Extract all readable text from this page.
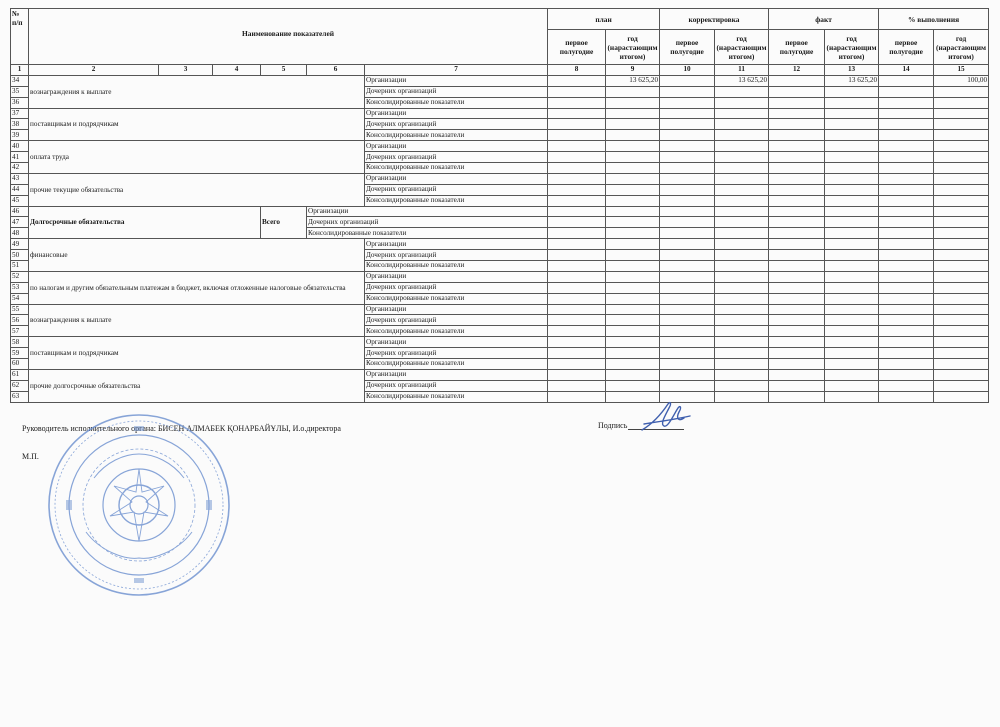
№ п/п	Наименование показателей						план		корректировка		факт		% выполнения	
							первое полугодие	год (нарастающим итогом)	первое полугодие	год (нарастающим итогом)	первое полугодие	год (нарастающим итогом)	первое полугодие	год (нарастающим итогом)
1	2	3	4	5	6	7	8	9	10	11	12	13	14	15
34	вознаграждения к выплате					Организации		13 625,20		13 625,20		13 625,20		100,00
35						Дочерних организаций								
36						Консолидированные показатели								
37	поставщикам и подрядчикам					Организации								
38						Дочерних организаций								
39						Консолидированные показатели								
40	оплата труда					Организации								
41						Дочерних организаций								
42						Консолидированные показатели								
43	прочие текущие обязательства					Организации								
44						Дочерних организаций								
45						Консолидированные показатели								
46	Долгосрочные обязательства			Всего	Организации									
47					Дочерних организаций									
48					Консолидированные показатели									
49	финансовые					Организации								
50						Дочерних организаций								
51						Консолидированные показатели								
52	по налогам и другим обязательным платежам в бюджет, включая отложенные налоговые обязательства					Организации								
53						Дочерних организаций								
54						Консолидированные показатели								
55	вознаграждения к выплате					Организации								
56						Дочерних организаций								
57						Консолидированные показатели								
58	поставщикам и подрядчикам					Организации								
59						Дочерних организаций								
60						Консолидированные показатели								
61	прочие долгосрочные обязательства					Организации								
62						Дочерних организаций								
63						Консолидированные показатели								
Руководитель исполнительного органа: БИСЕН АЛМАБЕК ҚОНАРБАЙҰЛЫ, И.о.директора
М.П.
Подпись
